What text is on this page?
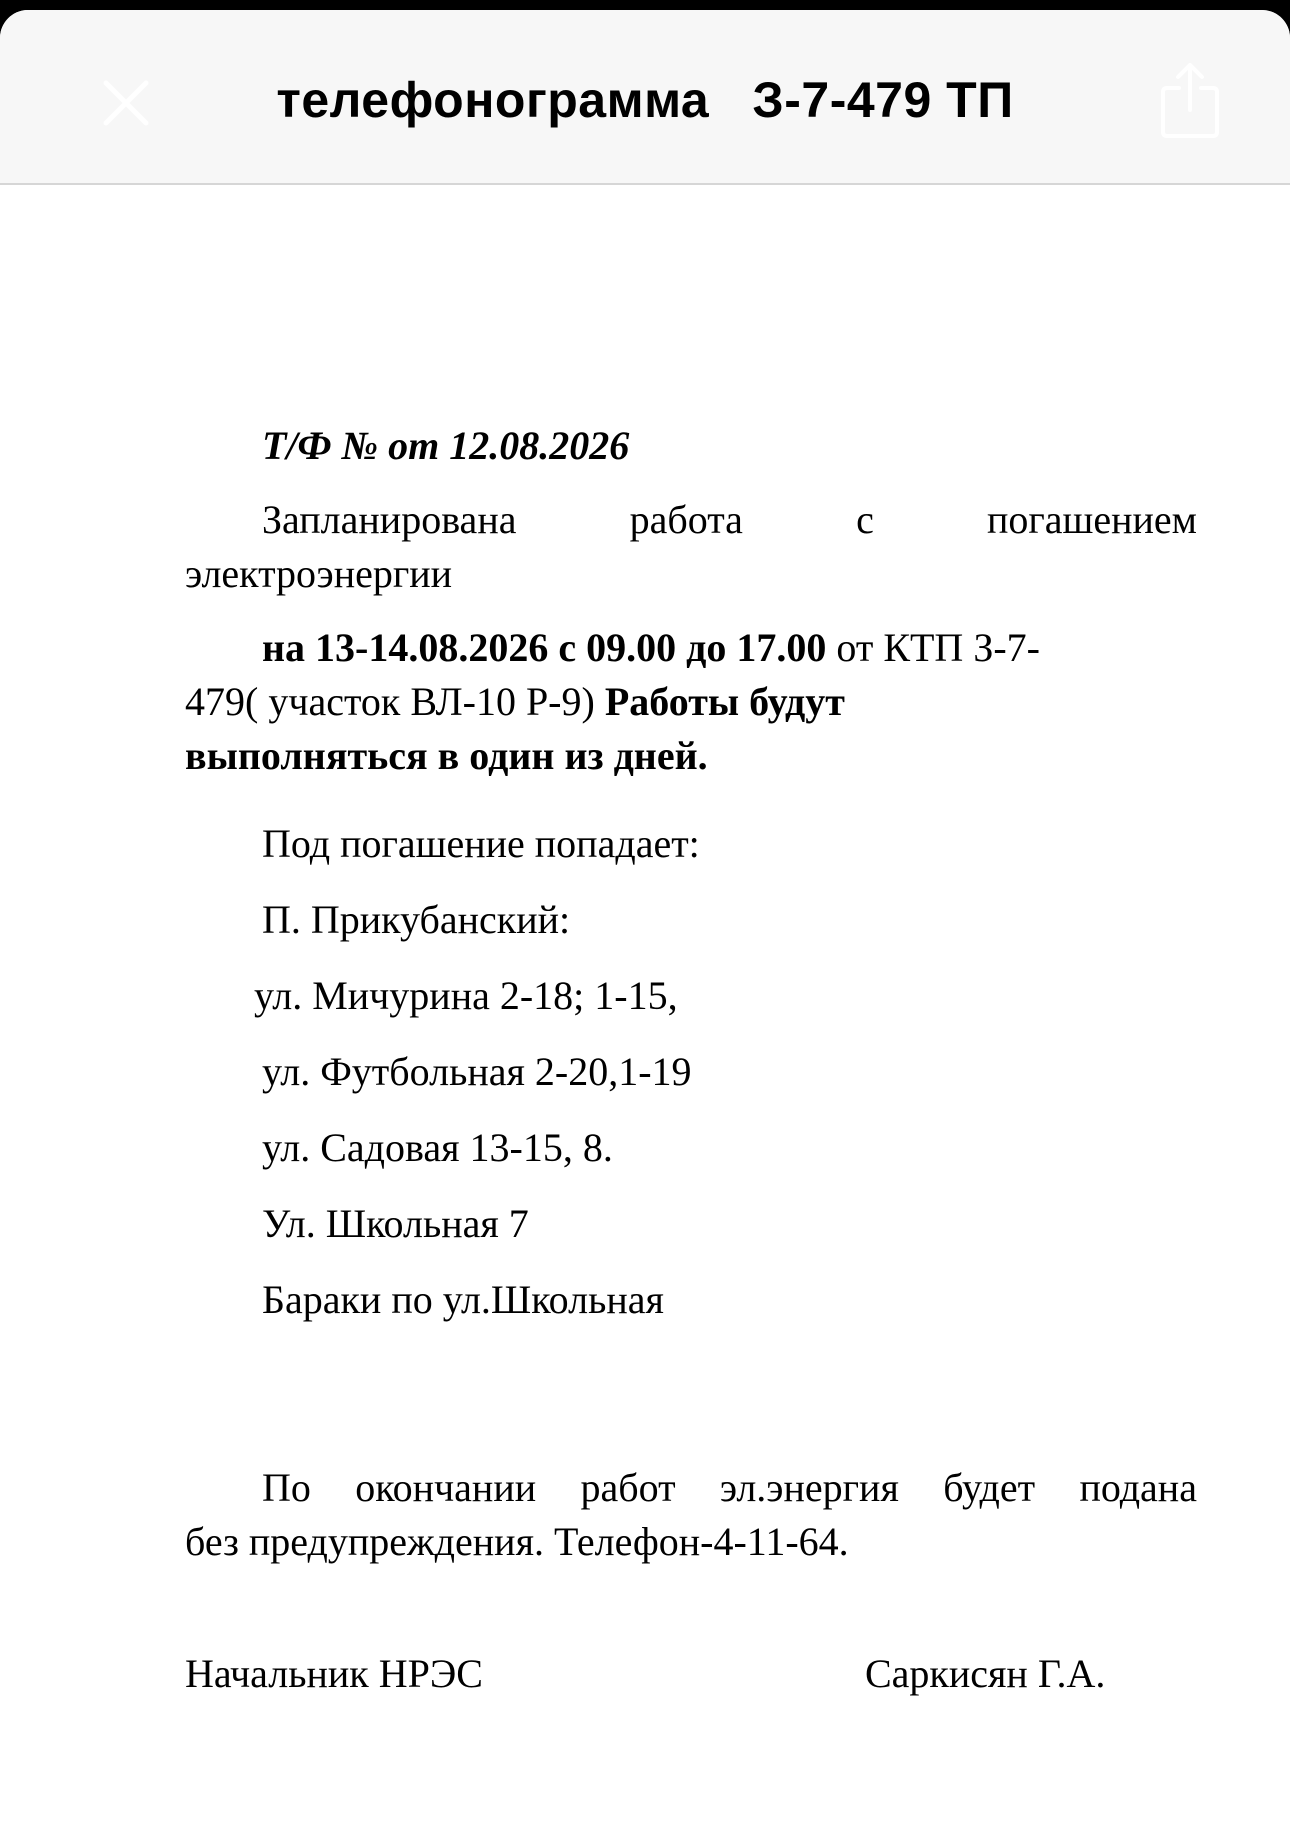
телефонограмма   З-7-479 ТП
Т/Ф № от 12.08.2026
Запланирована	работа	с	погашением
электроэнергии
на 13-14.08.2026 с 09.00 до 17.00 от КТП З-7-
479( участок ВЛ-10 Р-9) Работы будут
выполняться в один из дней.
Под погашение попадает:
П. Прикубанский:
ул. Мичурина 2-18; 1-15,
ул. Футбольная 2-20,1-19
ул. Садовая 13-15, 8.
Ул. Школьная 7
Бараки по ул.Школьная
По окончании работ эл.энергия будет подана
без предупреждения. Телефон-4-11-64.
Начальник НРЭС	Саркисян Г.А.
